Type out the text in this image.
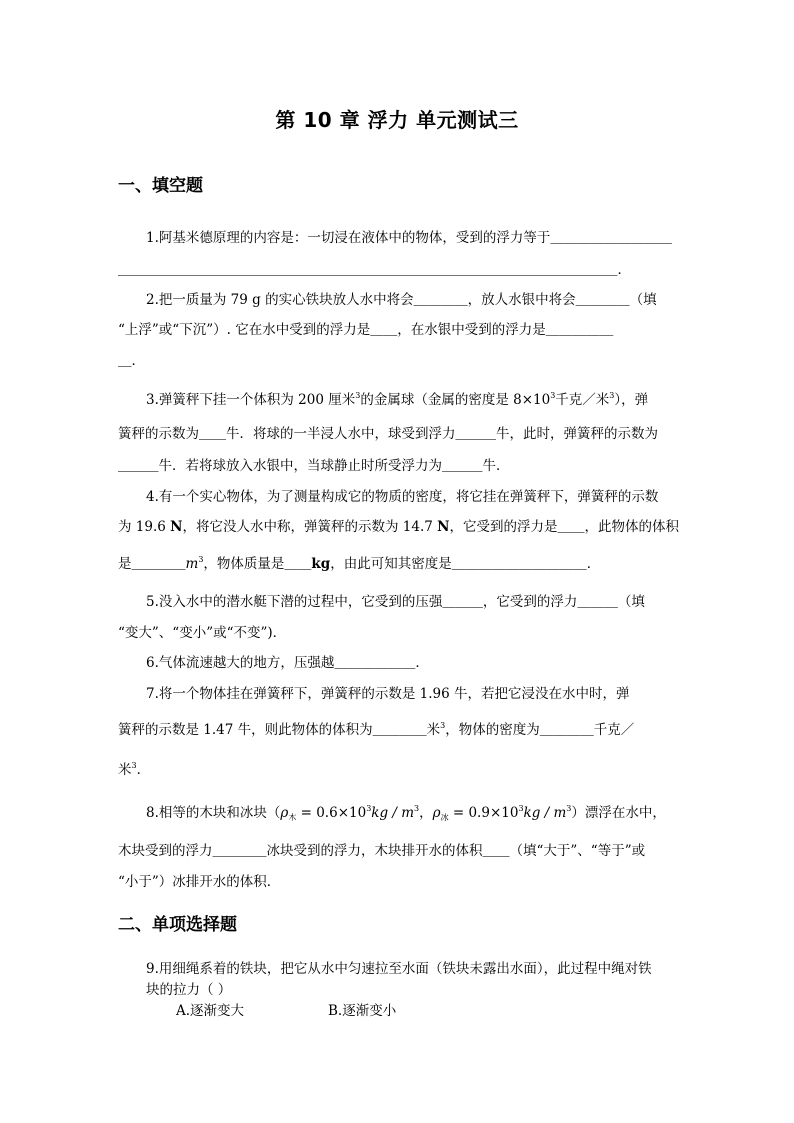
第 10 章 浮力 单元测试三
一、填空题
1.阿基米德原理的内容是：一切浸在液体中的物体，受到的浮力等于＿＿＿＿＿＿＿＿＿
＿＿＿＿＿＿＿＿＿＿＿＿＿＿＿＿＿＿＿＿＿＿＿＿＿＿＿＿＿＿＿＿＿＿＿＿＿．
2.把一质量为 79 g 的实心铁块放人水中将会＿＿＿＿，放人水银中将会＿＿＿＿（填
“上浮”或“下沉”）. 它在水中受到的浮力是＿＿，在水银中受到的浮力是＿＿＿＿＿
＿．
3.弹簧秤下挂一个体积为 200 厘米$^3$的金属球（金属的密度是 $8\times 10^3$千克／米$^3$），弹
簧秤的示数为＿＿牛．将球的一半浸人水中，球受到浮力＿＿＿牛，此时，弹簧秤的示数为
＿＿＿牛．若将球放入水银中，当球静止时所受浮力为＿＿＿牛．
4.有一个实心物体，为了测量构成它的物质的密度，将它挂在弹簧秤下，弹簧秤的示数
为 19.6 N，将它没人水中称，弹簧秤的示数为 14.7 N，它受到的浮力是＿＿，此物体的体积
是$\_\_\_\_m^3$，物体质量是＿＿kg，由此可知其密度是＿＿＿＿＿＿＿＿＿＿．
5.没入水中的潜水艇下潜的过程中，它受到的压强＿＿＿，它受到的浮力＿＿＿（填
“变大”、“变小”或“不变”)．
6.气体流速越大的地方，压强越＿＿＿＿＿＿．
7.将一个物体挂在弹簧秤下，弹簧秤的示数是 1.96 牛，若把它浸没在水中时，弹
簧秤的示数是 1.47 牛，则此物体的体积为＿＿＿＿米$^3$，物体的密度为＿＿＿＿千克／
米$^3$．
8.相等的木块和冰块（$\rho_木 = 0.6\times 10^3kg / m^3$，$\rho_冰 = 0.9\times 10^3kg / m^3$）漂浮在水中，
木块受到的浮力＿＿＿＿冰块受到的浮力，木块排开水的体积＿＿（填“大于”、“等于”或
“小于”）冰排开水的体积．
二、单项选择题
9.用细绳系着的铁块，把它从水中匀速拉至水面（铁块未露出水面），此过程中绳对铁
块的拉力（ ）
A.逐渐变大	B.逐渐变小
